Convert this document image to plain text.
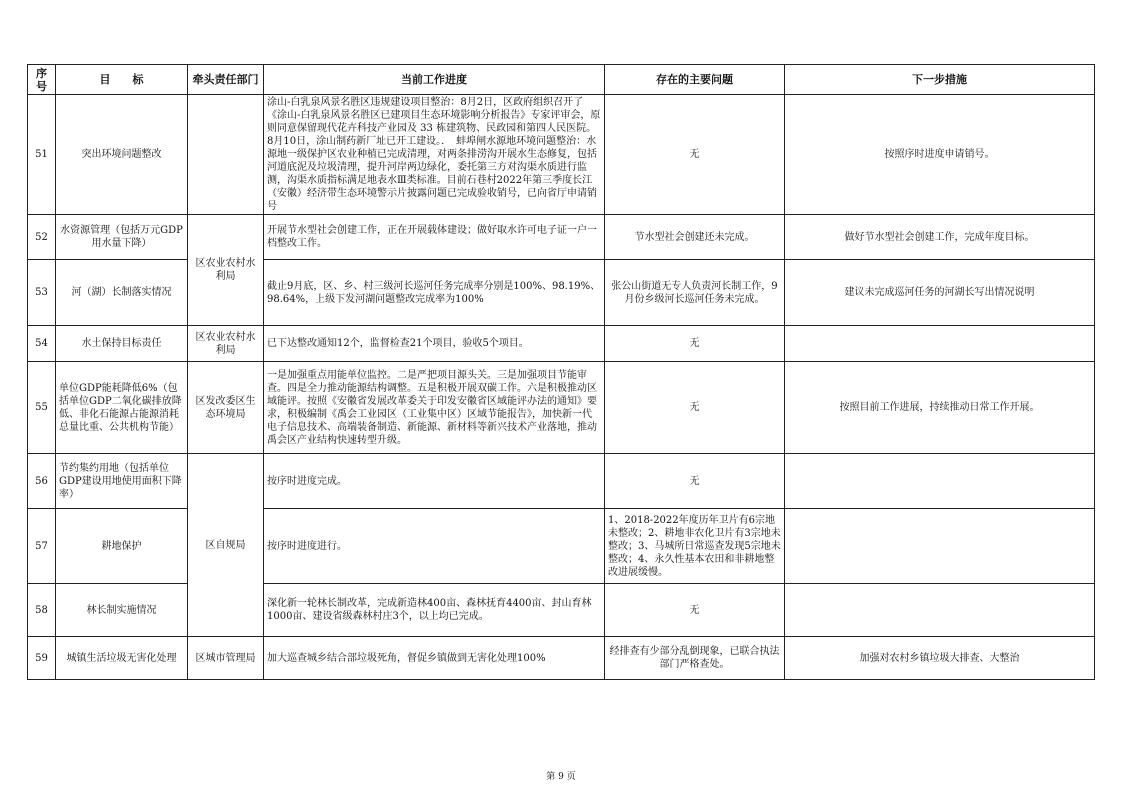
序号	目　　标	牵头责任部门	当前工作进度	存在的主要问题	下一步措施
51	突出环境问题整改		涂山-白乳泉风景名胜区违规建设项目整治：8月2日，区政府组织召开了《涂山-白乳泉风景名胜区已建项目生态环境影响分析报告》专家评审会，原则同意保留现代花卉科技产业园及 33 栋建筑物、民政园和第四人民医院。8月10日，涂山制药新厂址已开工建设。．　蚌埠闸水源地环境问题整治：水源地一级保护区农业种植已完成清理，对两条排涝沟开展水生态修复，包括河道底泥及垃圾清理，提升河岸两边绿化，委托第三方对沟渠水质进行监测，沟渠水质指标满足地表水Ⅲ类标准。目前石巷村2022年第三季度长江（安徽）经济带生态环境警示片披露问题已完成验收销号，已向省厅申请销号	无	按照序时进度申请销号。
52	水资源管理（包括万元GDP用水量下降）	区农业农村水利局	开展节水型社会创建工作，正在开展载体建设；做好取水许可电子证一户一档整改工作。	节水型社会创建还未完成。	做好节水型社会创建工作，完成年度目标。
53	河（湖）长制落实情况		截止9月底，区、乡、村三级河长巡河任务完成率分别是100%、98.19%、98.64%，上级下发河湖问题整改完成率为100%	张公山街道无专人负责河长制工作，9月份乡级河长巡河任务未完成。	建议未完成巡河任务的河湖长写出情况说明
54	水土保持目标责任	区农业农村水利局	已下达整改通知12个，监督检查21个项目，验收5个项目。	无	
55	单位GDP能耗降低6%（包括单位GDP二氧化碳排放降低、非化石能源占能源消耗总量比重、公共机构节能）	区发改委区生态环境局	一是加强重点用能单位监控。二是严把项目源头关。三是加强项目节能审查。四是全力推动能源结构调整。五是积极开展双碳工作。六是积极推动区域能评。按照《安徽省发展改革委关于印发安徽省区域能评办法的通知》要求，积极编制《禹会工业园区（工业集中区）区域节能报告》，加快新一代电子信息技术、高端装备制造、新能源、新材料等新兴技术产业落地，推动禹会区产业结构快速转型升级。	无	按照目前工作进展，持续推动日常工作开展。
56	节约集约用地（包括单位GDP建设用地使用面积下降率）	区自规局	按序时进度完成。	无	
57	耕地保护		按序时进度进行。	1、2018-2022年度历年卫片有6宗地未整改；2、耕地非农化卫片有3宗地未整改；3、马城所日常巡查发现5宗地未整改；4、永久性基本农田和非耕地整改进展缓慢。	
58	林长制实施情况		深化新一轮林长制改革，完成新造林400亩、森林抚育4400亩、封山育林1000亩、建设省级森林村庄3个，以上均已完成。	无	
59	城镇生活垃圾无害化处理	区城市管理局	加大巡查城乡结合部垃圾死角，督促乡镇做到无害化处理100%	经排查有少部分乱倒现象，已联合执法部门严格查处。	加强对农村乡镇垃圾大排查、大整治
第 9 页
